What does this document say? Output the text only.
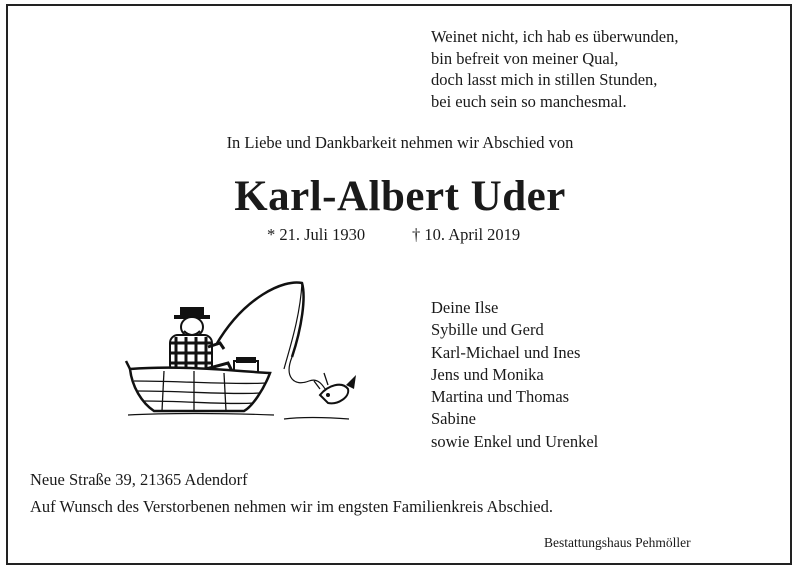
Weinet nicht, ich hab es überwunden,
bin befreit von meiner Qual,
doch lasst mich in stillen Stunden,
bei euch sein so manchesmal.
In Liebe und Dankbarkeit nehmen wir Abschied von
Karl-Albert Uder
* 21. Juli 1930	† 10. April 2019
Deine Ilse
Sybille und Gerd
Karl-Michael und Ines
Jens und Monika
Martina und Thomas
Sabine
sowie Enkel und Urenkel
Neue Straße 39, 21365 Adendorf
Auf Wunsch des Verstorbenen nehmen wir im engsten Familienkreis Abschied.
Bestattungshaus Pehmöller
